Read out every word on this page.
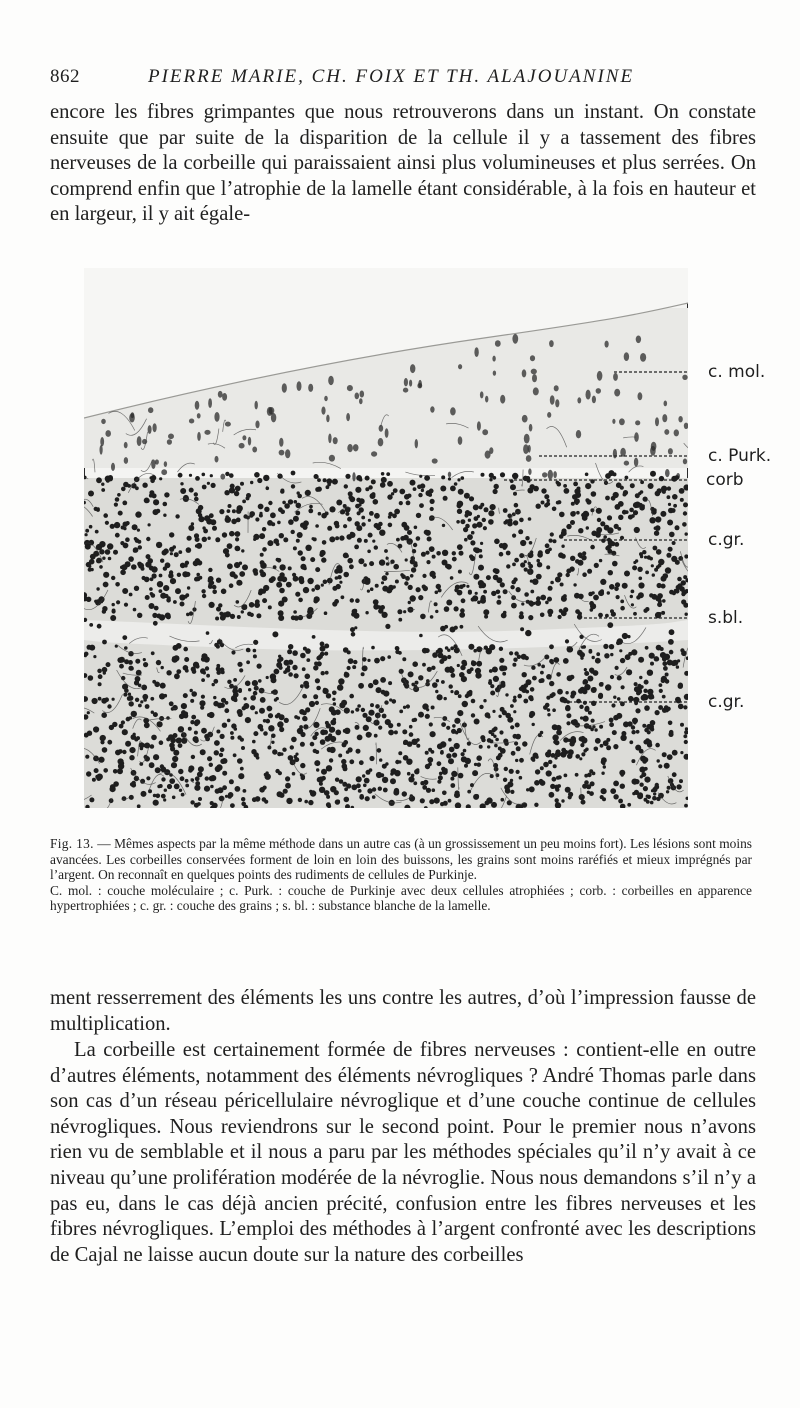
862	PIERRE MARIE, CH. FOIX ET TH. ALAJOUANINE

encore les fibres grimpantes que nous retrouverons dans un instant. On constate ensuite que par suite de la disparition de la cellule il y a tassement des fibres nerveuses de la corbeille qui paraissaient ainsi plus volumineuses et plus serrées. On comprend enfin que l’atrophie de la lamelle étant considérable, à la fois en hauteur et en largeur, il y ait égale-

c. mol.
c. Purk.
corb
c.gr.
s.bl.
c.gr.

Fig. 13. — Mêmes aspects par la même méthode dans un autre cas (à un grossissement un peu moins fort). Les lésions sont moins avancées. Les corbeilles conservées forment de loin en loin des buissons, les grains sont moins raréfiés et mieux imprégnés par l’argent. On reconnaît en quelques points des rudiments de cellules de Purkinje.

C. mol. : couche moléculaire ; c. Purk. : couche de Purkinje avec deux cellules atrophiées ; corb. : corbeilles en apparence hypertrophiées ; c. gr. : couche des grains ; s. bl. : substance blanche de la lamelle.

ment resserrement des éléments les uns contre les autres, d’où l’impression fausse de multiplication.

La corbeille est certainement formée de fibres nerveuses : contient-elle en outre d’autres éléments, notamment des éléments névrogliques ? André Thomas parle dans son cas d’un réseau péricellulaire névroglique et d’une couche continue de cellules névrogliques. Nous reviendrons sur le second point. Pour le premier nous n’avons rien vu de semblable et il nous a paru par les méthodes spéciales qu’il n’y avait à ce niveau qu’une prolifération modérée de la névroglie. Nous nous demandons s’il n’y a pas eu, dans le cas déjà ancien précité, confusion entre les fibres nerveuses et les fibres névrogliques. L’emploi des méthodes à l’argent confronté avec les descriptions de Cajal ne laisse aucun doute sur la nature des corbeilles
